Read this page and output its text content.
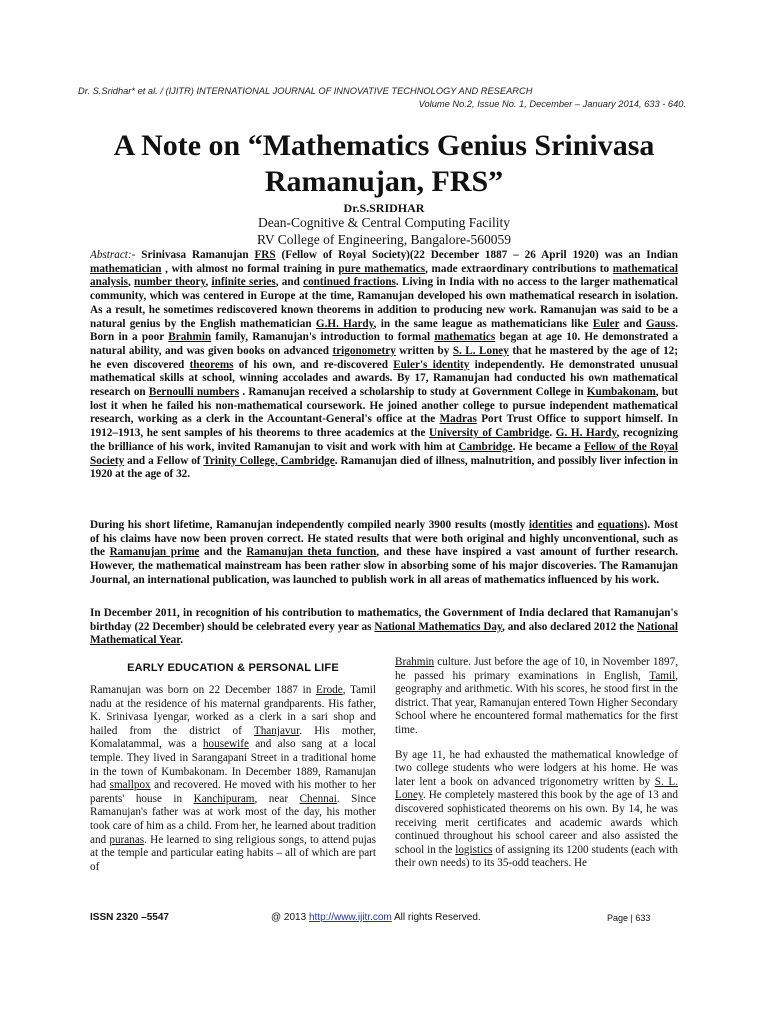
Dr. S.Sridhar* et al. / (IJITR) INTERNATIONAL JOURNAL OF INNOVATIVE TECHNOLOGY AND RESEARCH
Volume No.2, Issue No. 1, December – January 2014, 633 - 640.
A Note on “Mathematics Genius Srinivasa
Ramanujan, FRS”
Dr.S.SRIDHAR
Dean-Cognitive & Central Computing Facility
RV College of Engineering, Bangalore-560059
Abstract:- Srinivasa Ramanujan FRS (Fellow of Royal Society)(22 December 1887 – 26 April 1920) was an Indian mathematician , with almost no formal training in pure mathematics, made extraordinary contributions to mathematical analysis, number theory, infinite series, and continued fractions. Living in India with no access to the larger mathematical community, which was centered in Europe at the time, Ramanujan developed his own mathematical research in isolation. As a result, he sometimes rediscovered known theorems in addition to producing new work. Ramanujan was said to be a natural genius by the English mathematician G.H. Hardy, in the same league as mathematicians like Euler and Gauss. Born in a poor Brahmin family, Ramanujan's introduction to formal mathematics began at age 10. He demonstrated a natural ability, and was given books on advanced trigonometry written by S. L. Loney that he mastered by the age of 12; he even discovered theorems of his own, and re-discovered Euler's identity independently. He demonstrated unusual mathematical skills at school, winning accolades and awards. By 17, Ramanujan had conducted his own mathematical research on Bernoulli numbers . Ramanujan received a scholarship to study at Government College in Kumbakonam, but lost it when he failed his non-mathematical coursework. He joined another college to pursue independent mathematical research, working as a clerk in the Accountant-General's office at the Madras Port Trust Office to support himself. In 1912–1913, he sent samples of his theorems to three academics at the University of Cambridge. G. H. Hardy, recognizing the brilliance of his work, invited Ramanujan to visit and work with him at Cambridge. He became a Fellow of the Royal Society and a Fellow of Trinity College, Cambridge. Ramanujan died of illness, malnutrition, and possibly liver infection in 1920 at the age of 32.
During his short lifetime, Ramanujan independently compiled nearly 3900 results (mostly identities and equations). Most of his claims have now been proven correct. He stated results that were both original and highly unconventional, such as the Ramanujan prime and the Ramanujan theta function, and these have inspired a vast amount of further research. However, the mathematical mainstream has been rather slow in absorbing some of his major discoveries. The Ramanujan Journal, an international publication, was launched to publish work in all areas of mathematics influenced by his work.
In December 2011, in recognition of his contribution to mathematics, the Government of India declared that Ramanujan's birthday (22 December) should be celebrated every year as National Mathematics Day, and also declared 2012 the National Mathematical Year.
EARLY EDUCATION & PERSONAL LIFE

Ramanujan was born on 22 December 1887 in Erode, Tamil nadu at the residence of his maternal grandparents. His father, K. Srinivasa Iyengar, worked as a clerk in a sari shop and hailed from the district of Thanjavur. His mother, Komalatammal, was a housewife and also sang at a local temple. They lived in Sarangapani Street in a traditional home in the town of Kumbakonam. In December 1889, Ramanujan had smallpox and recovered. He moved with his mother to her parents' house in Kanchipuram, near Chennai. Since Ramanujan's father was at work most of the day, his mother took care of him as a child. From her, he learned about tradition and puranas. He learned to sing religious songs, to attend pujas at the temple and particular eating habits – all of which are part of

Brahmin culture. Just before the age of 10, in November 1897, he passed his primary examinations in English, Tamil, geography and arithmetic. With his scores, he stood first in the district. That year, Ramanujan entered Town Higher Secondary School where he encountered formal mathematics for the first time.

By age 11, he had exhausted the mathematical knowledge of two college students who were lodgers at his home. He was later lent a book on advanced trigonometry written by S. L. Loney. He completely mastered this book by the age of 13 and discovered sophisticated theorems on his own. By 14, he was receiving merit certificates and academic awards which continued throughout his school career and also assisted the school in the logistics of assigning its 1200 students (each with their own needs) to its 35-odd teachers. He

ISSN 2320 –5547	@ 2013 http://www.ijitr.com All rights Reserved.	Page | 633
